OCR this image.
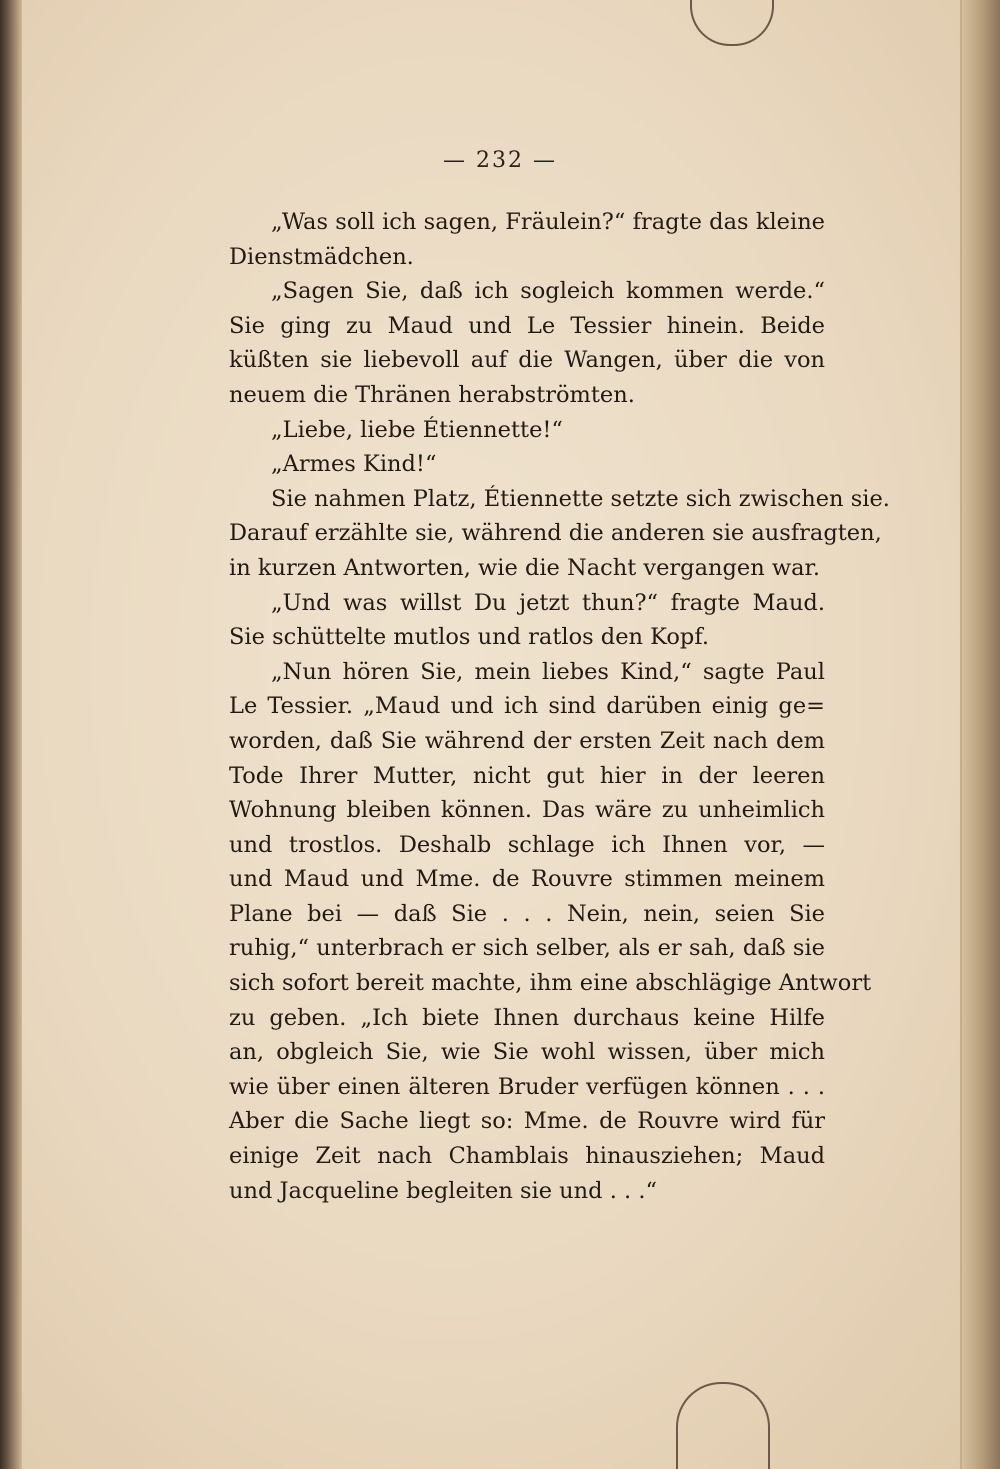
— 232 —
„Was soll ich sagen, Fräulein?“ fragte das kleine
Dienstmädchen.
„Sagen Sie, daß ich sogleich kommen werde.“
Sie ging zu Maud und Le Tessier hinein. Beide
küßten sie liebevoll auf die Wangen, über die von
neuem die Thränen herabströmten.
„Liebe, liebe Étiennette!“
„Armes Kind!“
Sie nahmen Platz, Étiennette setzte sich zwischen sie.
Darauf erzählte sie, während die anderen sie ausfragten,
in kurzen Antworten, wie die Nacht vergangen war.
„Und was willst Du jetzt thun?“ fragte Maud.
Sie schüttelte mutlos und ratlos den Kopf.
„Nun hören Sie, mein liebes Kind,“ sagte Paul
Le Tessier. „Maud und ich sind darüben einig ge=
worden, daß Sie während der ersten Zeit nach dem
Tode Ihrer Mutter, nicht gut hier in der leeren
Wohnung bleiben können. Das wäre zu unheimlich
und trostlos. Deshalb schlage ich Ihnen vor, —
und Maud und Mme. de Rouvre stimmen meinem
Plane bei — daß Sie . . . Nein, nein, seien Sie
ruhig,“ unterbrach er sich selber, als er sah, daß sie
sich sofort bereit machte, ihm eine abschlägige Antwort
zu geben. „Ich biete Ihnen durchaus keine Hilfe
an, obgleich Sie, wie Sie wohl wissen, über mich
wie über einen älteren Bruder verfügen können . . .
Aber die Sache liegt so: Mme. de Rouvre wird für
einige Zeit nach Chamblais hinausziehen; Maud
und Jacqueline begleiten sie und . . .“
